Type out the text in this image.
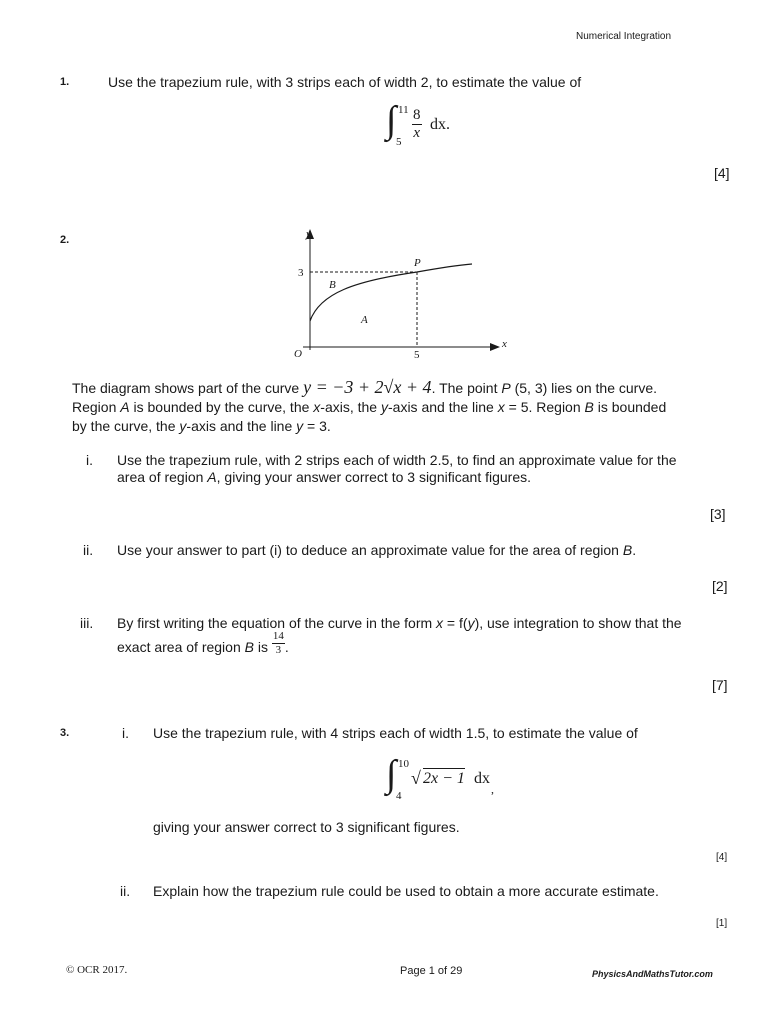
Numerical Integration
1.	Use the trapezium rule, with 3 strips each of width 2, to estimate the value of
∫ 11
5
$\frac{8}{x}$ dx.
[4]
2.	y
x
O	5
3
P
B
A
The diagram shows part of the curve y = −3 + 2√x + 4. The point P (5, 3) lies on the curve.
Region A is bounded by the curve, the x-axis, the y-axis and the line x = 5. Region B is bounded
by the curve, the y-axis and the line y = 3.
i. Use the trapezium rule, with 2 strips each of width 2.5, to find an approximate value for the
area of region A, giving your answer correct to 3 significant figures.
[3]
ii. Use your answer to part (i) to deduce an approximate value for the area of region B.
[2]
iii. By first writing the equation of the curve in the form x = f(y), use integration to show that the
exact area of region B is $\frac{14}{3}$ .
[7]
3.	i. Use the trapezium rule, with 4 strips each of width 1.5, to estimate the value of
∫ 10
4
√ 2x − 1 dx
,
giving your answer correct to 3 significant figures.
[4]
ii. Explain how the trapezium rule could be used to obtain a more accurate estimate.
[1]
© OCR 2017.	Page 1 of 29	PhysicsAndMathsTutor.com
